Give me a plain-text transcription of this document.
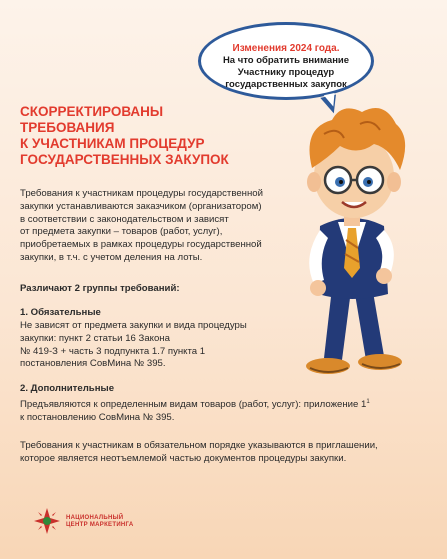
Изменения 2024 года.
На что обратить внимание
Участнику процедур
государственных закупок
СКОРРЕКТИРОВАНЫ
ТРЕБОВАНИЯ
К УЧАСТНИКАМ ПРОЦЕДУР
ГОСУДАРСТВЕННЫХ ЗАКУПОК
Требования к участникам процедуры государственной
закупки устанавливаются заказчиком (организатором)
в соответствии с законодательством и зависят
от предмета закупки – товаров (работ, услуг),
приобретаемых в рамках процедуры государственной
закупки, в т.ч. с учетом деления на лоты.
Различают 2 группы требований:
1. Обязательные
Не зависят от предмета закупки и вида процедуры
закупки: пункт 2 статьи 16 Закона
№ 419-З + часть 3 подпункта 1.7 пункта 1
постановления СовМина № 395.
2. Дополнительные
Предъявляются к определенным видам товаров (работ, услуг): приложение $1^1$
к постановлению СовМина № 395.
Требования к участникам в обязательном порядке указываются в приглашении,
которое является неотъемлемой частью документов процедуры закупки.
НАЦИОНАЛЬНЫЙ
ЦЕНТР МАРКЕТИНГА
